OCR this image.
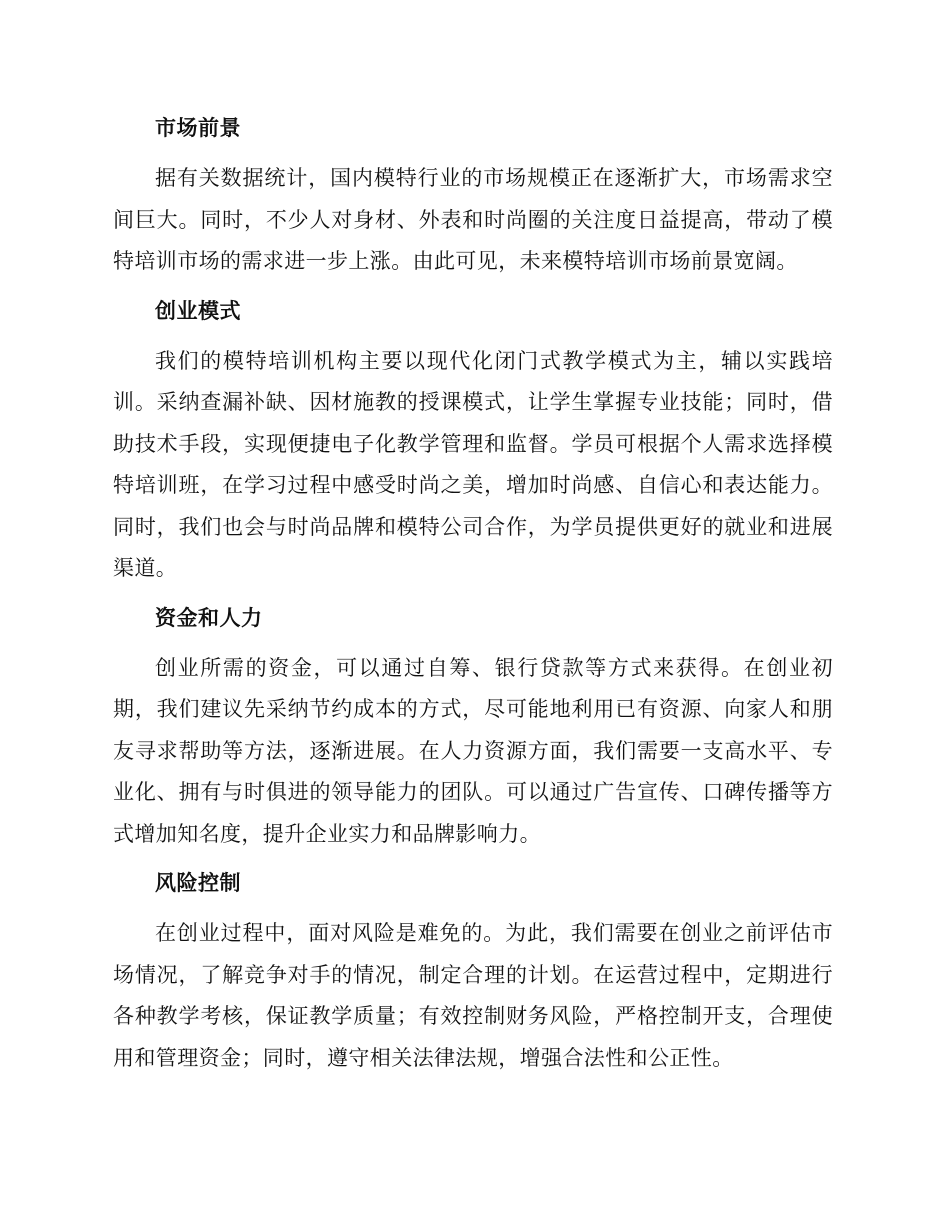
市场前景

据有关数据统计，国内模特行业的市场规模正在逐渐扩大，市场需求空间巨大。同时，不少人对身材、外表和时尚圈的关注度日益提高，带动了模特培训市场的需求进一步上涨。由此可见，未来模特培训市场前景宽阔。

创业模式

我们的模特培训机构主要以现代化闭门式教学模式为主，辅以实践培训。采纳查漏补缺、因材施教的授课模式，让学生掌握专业技能；同时，借助技术手段，实现便捷电子化教学管理和监督。学员可根据个人需求选择模特培训班，在学习过程中感受时尚之美，增加时尚感、自信心和表达能力。同时，我们也会与时尚品牌和模特公司合作，为学员提供更好的就业和进展渠道。

资金和人力

创业所需的资金，可以通过自筹、银行贷款等方式来获得。在创业初期，我们建议先采纳节约成本的方式，尽可能地利用已有资源、向家人和朋友寻求帮助等方法，逐渐进展。在人力资源方面，我们需要一支高水平、专业化、拥有与时俱进的领导能力的团队。可以通过广告宣传、口碑传播等方式增加知名度，提升企业实力和品牌影响力。

风险控制

在创业过程中，面对风险是难免的。为此，我们需要在创业之前评估市场情况，了解竞争对手的情况，制定合理的计划。在运营过程中，定期进行各种教学考核，保证教学质量；有效控制财务风险，严格控制开支，合理使用和管理资金；同时，遵守相关法律法规，增强合法性和公正性。
